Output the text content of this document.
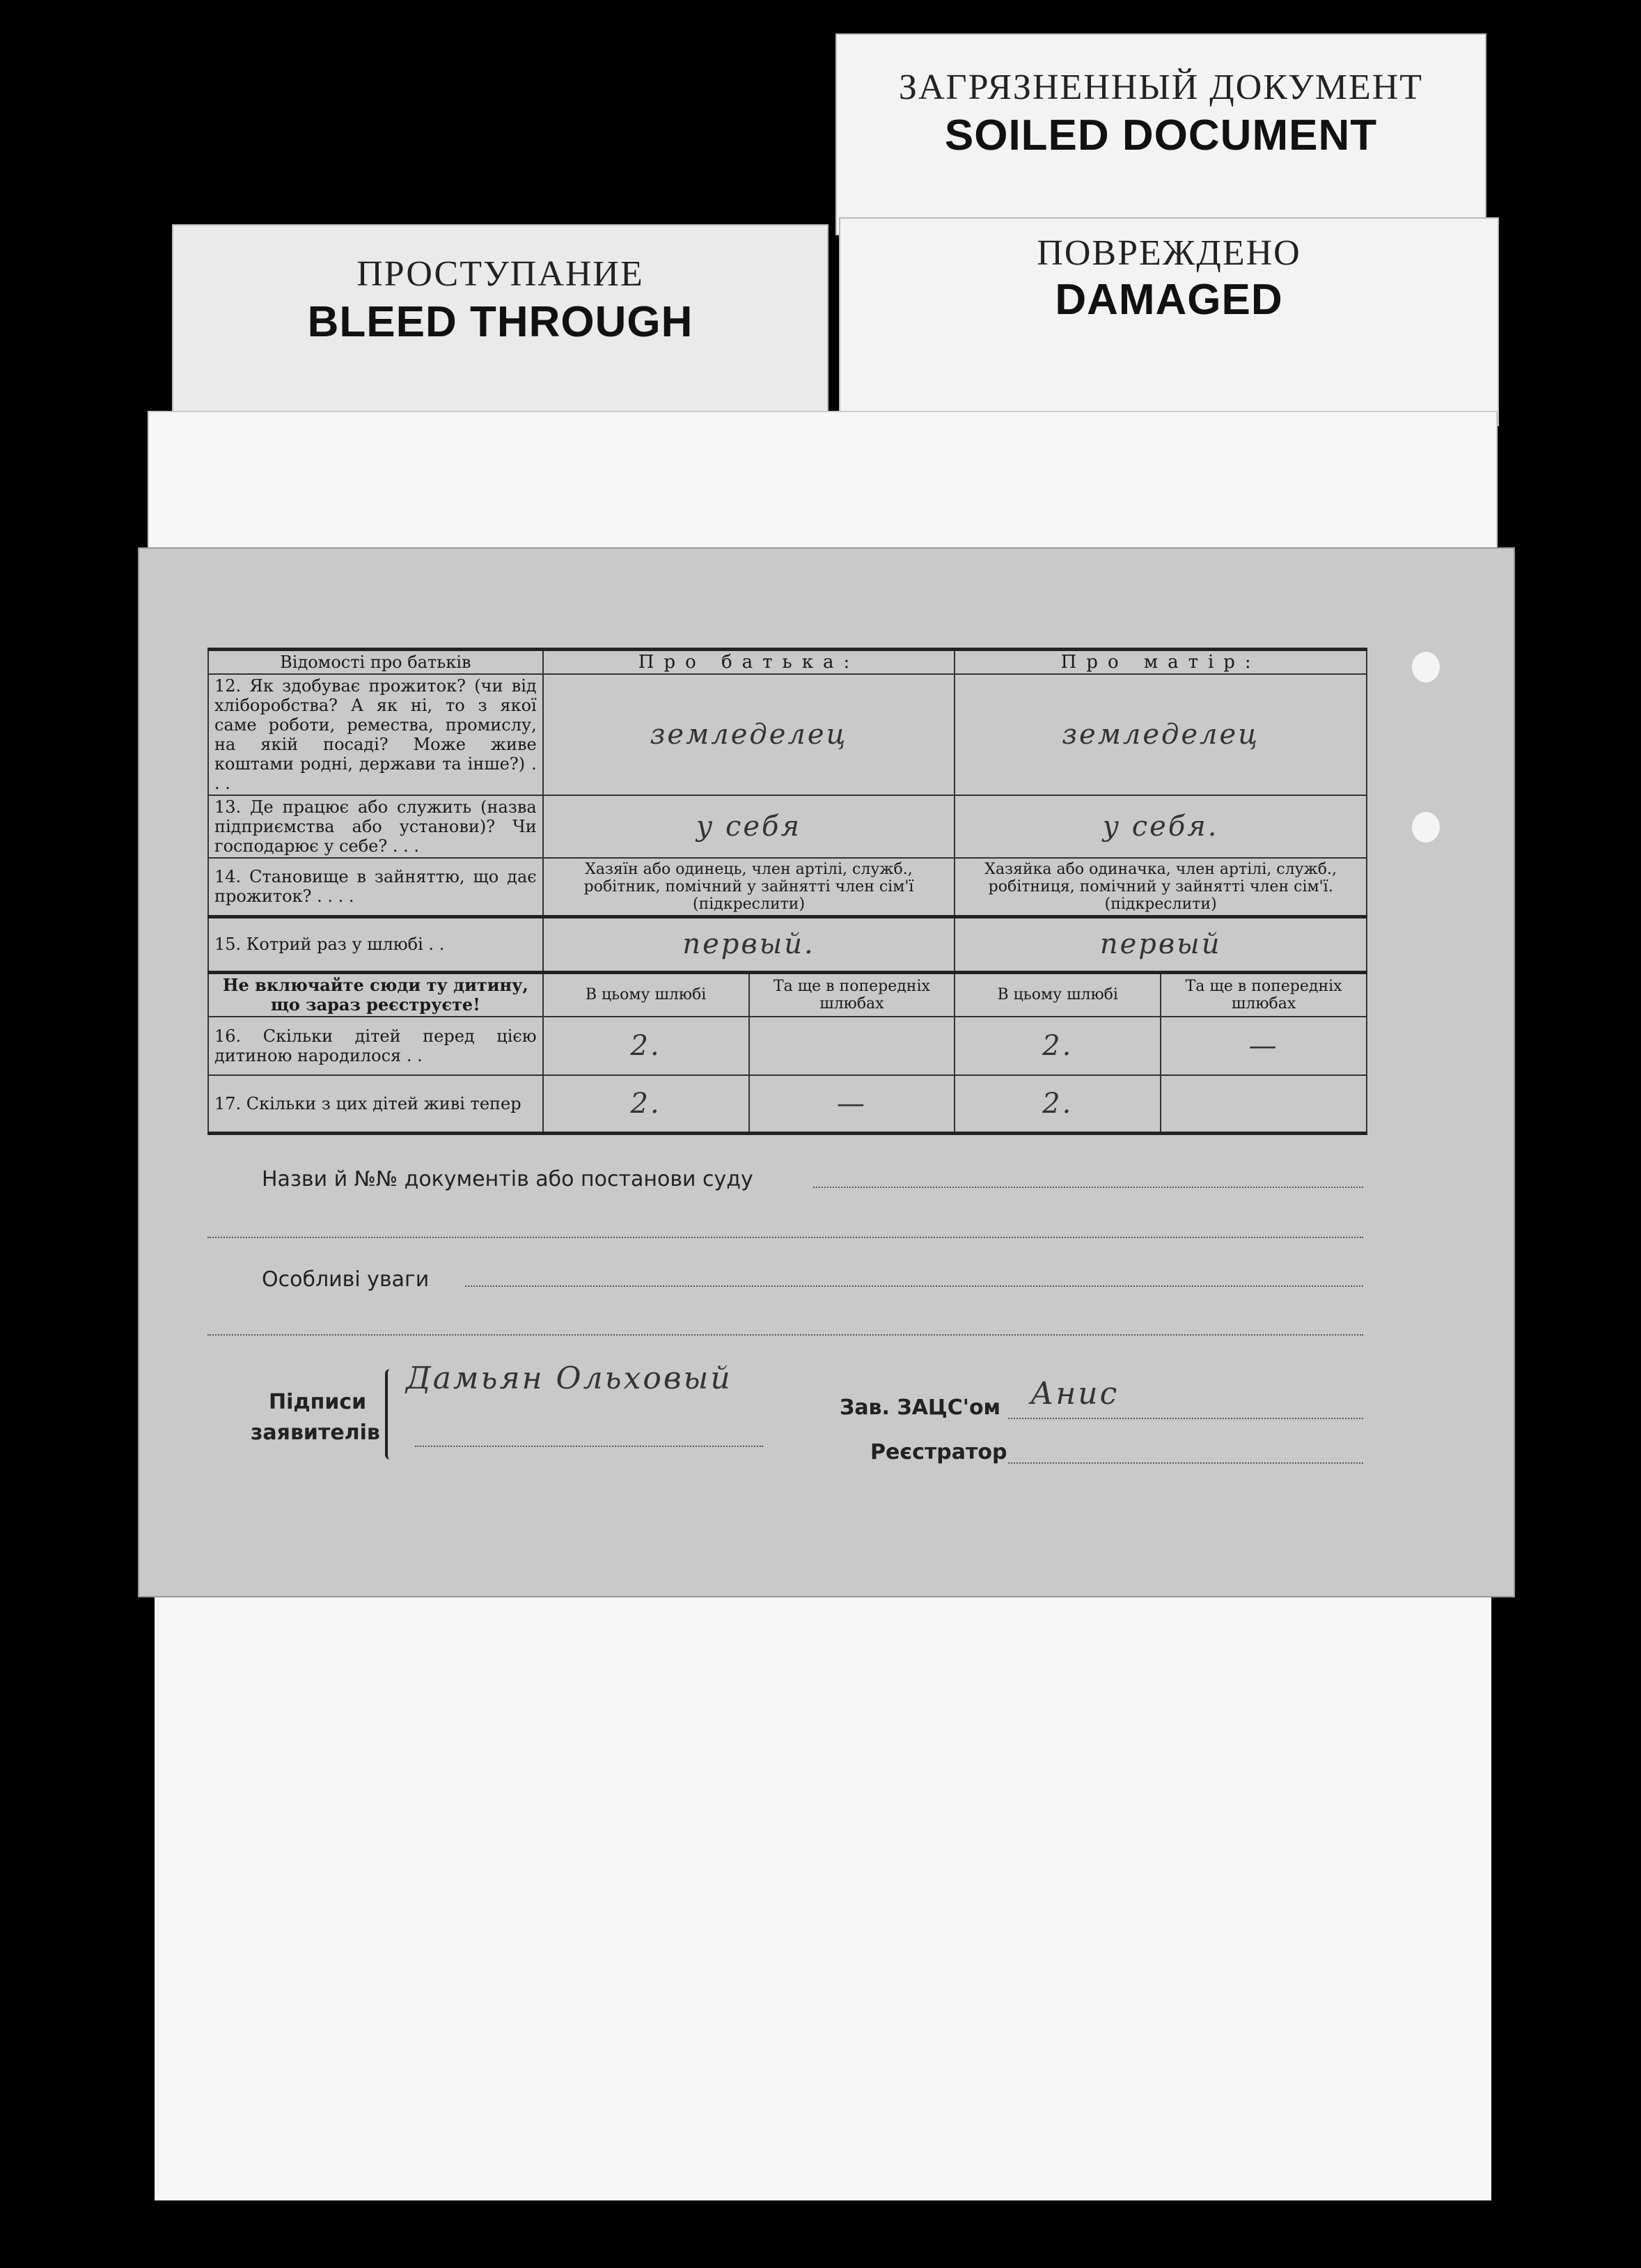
ЗАГРЯЗНЕННЫЙ ДОКУМЕНТ
SOILED DOCUMENT
ПРОСТУПАНИЕ
BLEED THROUGH
ПОВРЕЖДЕНО
DAMAGED
Відомості про батьків	Про батька:		Про матір:	
12. Як здобуває прожиток? (чи від хліборобства? А як ні, то з якої саме роботи, ремества, промислу, на якій посаді? Може живе коштами родні, держави та інше?) . . .	земледелец		земледелец	
13. Де працює або служить (назва підприємства або установи)? Чи господарює у себе? . . .	у себя		у себя.	
14. Становище в зайняттю, що дає прожиток? . . . .	Хазяїн або одинець, член артілі, служб., робітник, помічний у зайнятті член сім'ї (підкреслити)		Хазяйка або одиначка, член артілі, служб., робітниця, помічний у зайнятті член сім'ї. (підкреслити)	
15. Котрий раз у шлюбі . .	первый.		первый	
Не включайте сюди ту дитину, що зараз реєструєте!	В цьому шлюбі	Та ще в попередніх шлюбах	В цьому шлюбі	Та ще в попередніх шлюбах
16. Скільки дітей перед цією дитиною народилося . .	2.		2.	—
17. Скільки з цих дітей живі тепер	2.	—	2.	
Назви й №№ документів або постанови суду
Особливі уваги
Підписи
заявителів
Дамьян Ольховый
Зав. ЗАЦС'ом Анис
Реєстратор
